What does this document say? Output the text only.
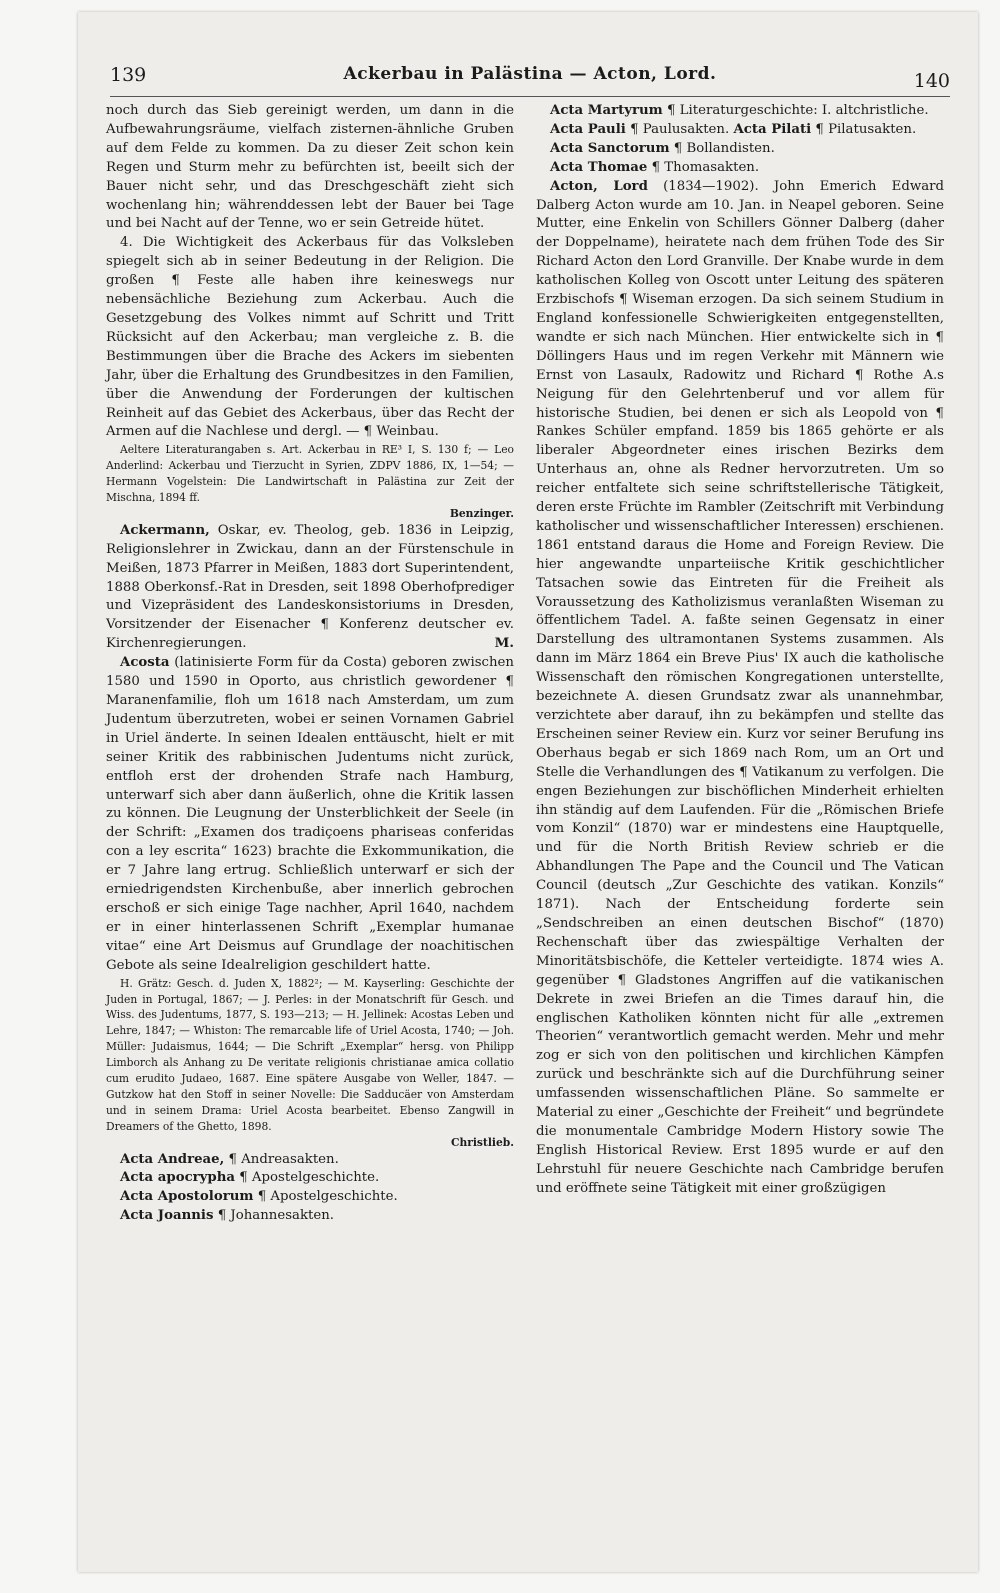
139	Ackerbau in Palästina — Acton, Lord.	140

noch durch das Sieb gereinigt werden, um dann in die Aufbewahrungsräume, vielfach zisternen-ähnliche Gruben auf dem Felde zu kommen. Da zu dieser Zeit schon kein Regen und Sturm mehr zu befürchten ist, beeilt sich der Bauer nicht sehr, und das Dreschgeschäft zieht sich wochenlang hin; währenddessen lebt der Bauer bei Tage und bei Nacht auf der Tenne, wo er sein Getreide hütet.

4. Die Wichtigkeit des Ackerbaus für das Volksleben spiegelt sich ab in seiner Bedeutung in der Religion. Die großen ¶ Feste alle haben ihre keineswegs nur nebensächliche Beziehung zum Ackerbau. Auch die Gesetzgebung des Volkes nimmt auf Schritt und Tritt Rücksicht auf den Ackerbau; man vergleiche z. B. die Bestimmungen über die Brache des Ackers im siebenten Jahr, über die Erhaltung des Grundbesitzes in den Familien, über die Anwendung der Forderungen der kultischen Reinheit auf das Gebiet des Ackerbaus, über das Recht der Armen auf die Nachlese und dergl. — ¶ Weinbau.

Aeltere Literaturangaben s. Art. Ackerbau in RE³ I, S. 130 f; — Leo Anderlind: Ackerbau und Tierzucht in Syrien, ZDPV 1886, IX, 1—54; — Hermann Vogelstein: Die Landwirtschaft in Palästina zur Zeit der Mischna, 1894 ff.

Benzinger.

Ackermann, Oskar, ev. Theolog, geb. 1836 in Leipzig, Religionslehrer in Zwickau, dann an der Fürstenschule in Meißen, 1873 Pfarrer in Meißen, 1883 dort Superintendent, 1888 Oberkonsf.-Rat in Dresden, seit 1898 Oberhofprediger und Vizepräsident des Landeskonsistoriums in Dresden, Vorsitzender der Eisenacher ¶ Konferenz deutscher ev. Kirchenregierungen.	M.

Acosta (latinisierte Form für da Costa) geboren zwischen 1580 und 1590 in Oporto, aus christlich gewordener ¶ Maranenfamilie, floh um 1618 nach Amsterdam, um zum Judentum überzutreten, wobei er seinen Vornamen Gabriel in Uriel änderte. In seinen Idealen enttäuscht, hielt er mit seiner Kritik des rabbinischen Judentums nicht zurück, entfloh erst der drohenden Strafe nach Hamburg, unterwarf sich aber dann äußerlich, ohne die Kritik lassen zu können. Die Leugnung der Unsterblichkeit der Seele (in der Schrift: „Examen dos tradiçoens phariseas conferidas con a ley escrita“ 1623) brachte die Exkommunikation, die er 7 Jahre lang ertrug. Schließlich unterwarf er sich der erniedrigendsten Kirchenbuße, aber innerlich gebrochen erschoß er sich einige Tage nachher, April 1640, nachdem er in einer hinterlassenen Schrift „Exemplar humanae vitae“ eine Art Deismus auf Grundlage der noachitischen Gebote als seine Idealreligion geschildert hatte.

H. Grätz: Gesch. d. Juden X, 1882²; — M. Kayserling: Geschichte der Juden in Portugal, 1867; — J. Perles: in der Monatschrift für Gesch. und Wiss. des Judentums, 1877, S. 193—213; — H. Jellinek: Acostas Leben und Lehre, 1847; — Whiston: The remarcable life of Uriel Acosta, 1740; — Joh. Müller: Judaismus, 1644; — Die Schrift „Exemplar“ hersg. von Philipp Limborch als Anhang zu De veritate religionis christianae amica collatio cum erudito Judaeo, 1687. Eine spätere Ausgabe von Weller, 1847. — Gutzkow hat den Stoff in seiner Novelle: Die Sadducäer von Amsterdam und in seinem Drama: Uriel Acosta bearbeitet. Ebenso Zangwill in Dreamers of the Ghetto, 1898.

Christlieb.

Acta Andreae, ¶ Andreasakten.

Acta apocrypha ¶ Apostelgeschichte.

Acta Apostolorum ¶ Apostelgeschichte.

Acta Joannis ¶ Johannesakten.

Acta Martyrum ¶ Literaturgeschichte: I. altchristliche.

Acta Pauli ¶ Paulusakten. Acta Pilati ¶ Pilatusakten.

Acta Sanctorum ¶ Bollandisten.

Acta Thomae ¶ Thomasakten.

Acton, Lord (1834—1902). John Emerich Edward Dalberg Acton wurde am 10. Jan. in Neapel geboren. Seine Mutter, eine Enkelin von Schillers Gönner Dalberg (daher der Doppelname), heiratete nach dem frühen Tode des Sir Richard Acton den Lord Granville. Der Knabe wurde in dem katholischen Kolleg von Oscott unter Leitung des späteren Erzbischofs ¶ Wiseman erzogen. Da sich seinem Studium in England konfessionelle Schwierigkeiten entgegenstellten, wandte er sich nach München. Hier entwickelte sich in ¶ Döllingers Haus und im regen Verkehr mit Männern wie Ernst von Lasaulx, Radowitz und Richard ¶ Rothe A.s Neigung für den Gelehrtenberuf und vor allem für historische Studien, bei denen er sich als Leopold von ¶ Rankes Schüler empfand. 1859 bis 1865 gehörte er als liberaler Abgeordneter eines irischen Bezirks dem Unterhaus an, ohne als Redner hervorzutreten. Um so reicher entfaltete sich seine schriftstellerische Tätigkeit, deren erste Früchte im Rambler (Zeitschrift mit Verbindung katholischer und wissenschaftlicher Interessen) erschienen. 1861 entstand daraus die Home and Foreign Review. Die hier angewandte unparteiische Kritik geschichtlicher Tatsachen sowie das Eintreten für die Freiheit als Voraussetzung des Katholizismus veranlaßten Wiseman zu öffentlichem Tadel. A. faßte seinen Gegensatz in einer Darstellung des ultramontanen Systems zusammen. Als dann im März 1864 ein Breve Pius' IX auch die katholische Wissenschaft den römischen Kongregationen unterstellte, bezeichnete A. diesen Grundsatz zwar als unannehmbar, verzichtete aber darauf, ihn zu bekämpfen und stellte das Erscheinen seiner Review ein. Kurz vor seiner Berufung ins Oberhaus begab er sich 1869 nach Rom, um an Ort und Stelle die Verhandlungen des ¶ Vatikanum zu verfolgen. Die engen Beziehungen zur bischöflichen Minderheit erhielten ihn ständig auf dem Laufenden. Für die „Römischen Briefe vom Konzil“ (1870) war er mindestens eine Hauptquelle, und für die North British Review schrieb er die Abhandlungen The Pape and the Council und The Vatican Council (deutsch „Zur Geschichte des vatikan. Konzils“ 1871). Nach der Entscheidung forderte sein „Sendschreiben an einen deutschen Bischof“ (1870) Rechenschaft über das zwiespältige Verhalten der Minoritätsbischöfe, die Ketteler verteidigte. 1874 wies A. gegenüber ¶ Gladstones Angriffen auf die vatikanischen Dekrete in zwei Briefen an die Times darauf hin, die englischen Katholiken könnten nicht für alle „extremen Theorien“ verantwortlich gemacht werden. Mehr und mehr zog er sich von den politischen und kirchlichen Kämpfen zurück und beschränkte sich auf die Durchführung seiner umfassenden wissenschaftlichen Pläne. So sammelte er Material zu einer „Geschichte der Freiheit“ und begründete die monumentale Cambridge Modern History sowie The English Historical Review. Erst 1895 wurde er auf den Lehrstuhl für neuere Geschichte nach Cambridge berufen und eröffnete seine Tätigkeit mit einer großzügigen
